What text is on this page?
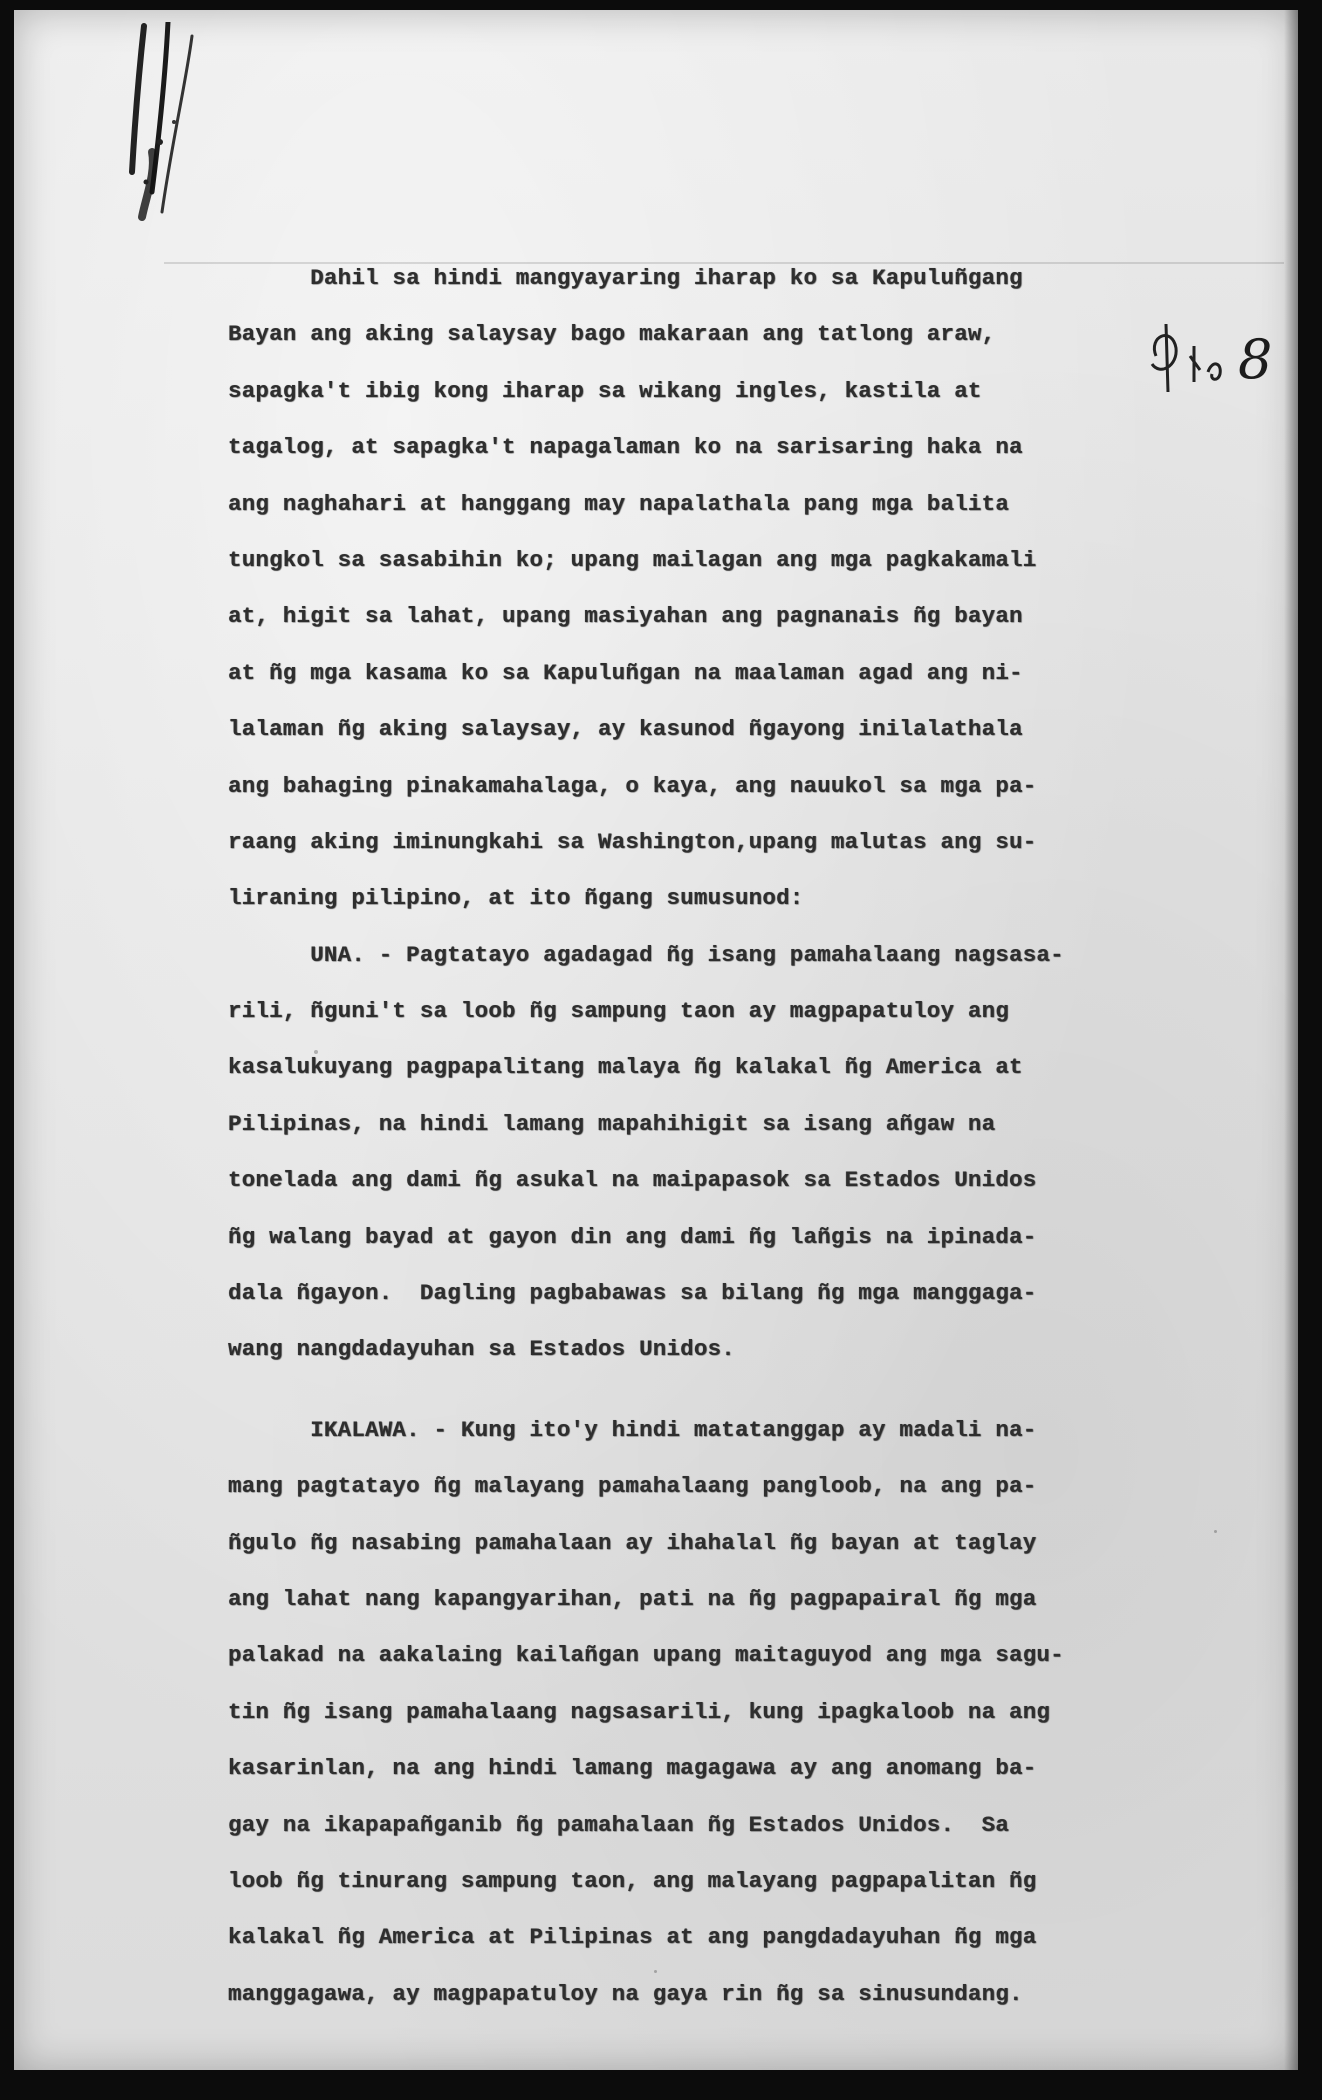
8
Dahil sa hindi mangyayaring iharap ko sa Kapuluñgang
Bayan ang aking salaysay bago makaraan ang tatlong araw,
sapagka't ibig kong iharap sa wikang ingles, kastila at
tagalog, at sapagka't napagalaman ko na sarisaring haka na
ang naghahari at hanggang may napalathala pang mga balita
tungkol sa sasabihin ko; upang mailagan ang mga pagkakamali
at, higit sa lahat, upang masiyahan ang pagnanais ñg bayan
at ñg mga kasama ko sa Kapuluñgan na maalaman agad ang ni-
lalaman ñg aking salaysay, ay kasunod ñgayong inilalathala
ang bahaging pinakamahalaga, o kaya, ang nauukol sa mga pa-
raang aking iminungkahi sa Washington,upang malutas ang su-
liraning pilipino, at ito ñgang sumusunod:
UNA. - Pagtatayo agadagad ñg isang pamahalaang nagsasa-
rili, ñguni't sa loob ñg sampung taon ay magpapatuloy ang
kasalukuyang pagpapalitang malaya ñg kalakal ñg America at
Pilipinas, na hindi lamang mapahihigit sa isang añgaw na
tonelada ang dami ñg asukal na maipapasok sa Estados Unidos
ñg walang bayad at gayon din ang dami ñg lañgis na ipinada-
dala ñgayon.  Dagling pagbabawas sa bilang ñg mga manggaga-
wang nangdadayuhan sa Estados Unidos.
IKALAWA. - Kung ito'y hindi matatanggap ay madali na-
mang pagtatayo ñg malayang pamahalaang pangloob, na ang pa-
ñgulo ñg nasabing pamahalaan ay ihahalal ñg bayan at taglay
ang lahat nang kapangyarihan, pati na ñg pagpapairal ñg mga
palakad na aakalaing kailañgan upang maitaguyod ang mga sagu-
tin ñg isang pamahalaang nagsasarili, kung ipagkaloob na ang
kasarinlan, na ang hindi lamang magagawa ay ang anomang ba-
gay na ikapapañganib ñg pamahalaan ñg Estados Unidos.  Sa
loob ñg tinurang sampung taon, ang malayang pagpapalitan ñg
kalakal ñg America at Pilipinas at ang pangdadayuhan ñg mga
manggagawa, ay magpapatuloy na gaya rin ñg sa sinusundang.
